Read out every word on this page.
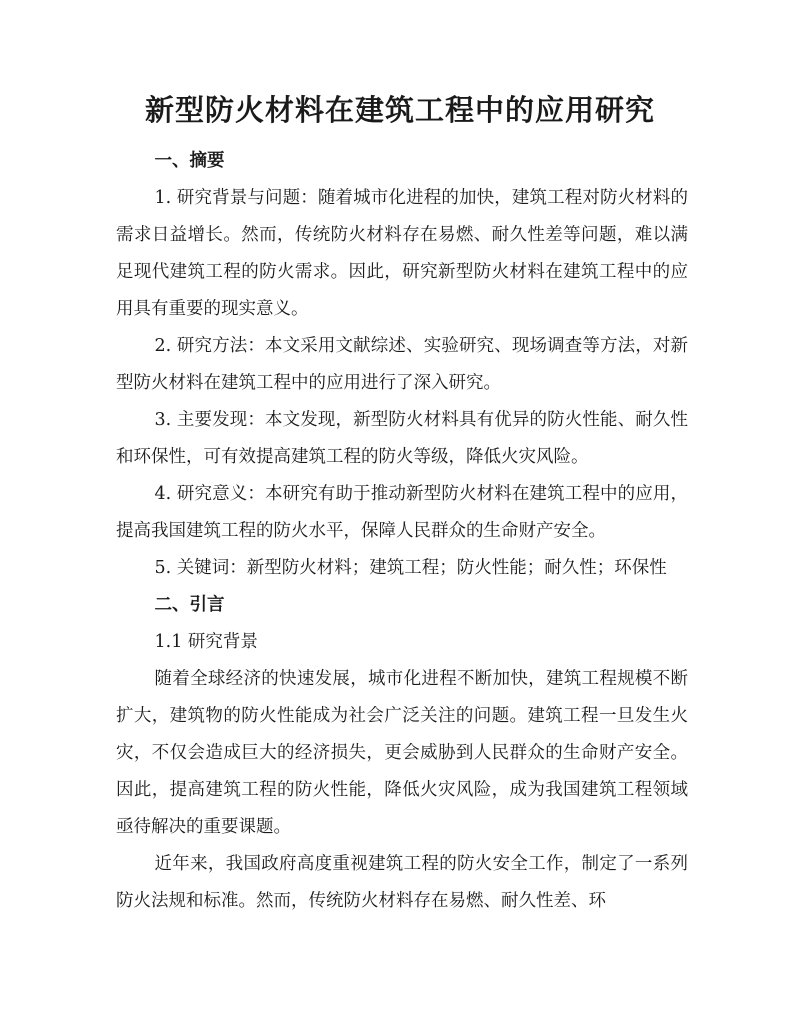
新型防火材料在建筑工程中的应用研究

一、摘要

1. 研究背景与问题：随着城市化进程的加快，建筑工程对防火材料的需求日益增长。然而，传统防火材料存在易燃、耐久性差等问题，难以满足现代建筑工程的防火需求。因此，研究新型防火材料在建筑工程中的应用具有重要的现实意义。

2. 研究方法：本文采用文献综述、实验研究、现场调查等方法，对新型防火材料在建筑工程中的应用进行了深入研究。

3. 主要发现：本文发现，新型防火材料具有优异的防火性能、耐久性和环保性，可有效提高建筑工程的防火等级，降低火灾风险。

4. 研究意义：本研究有助于推动新型防火材料在建筑工程中的应用，提高我国建筑工程的防火水平，保障人民群众的生命财产安全。

5. 关键词：新型防火材料；建筑工程；防火性能；耐久性；环保性

二、引言

1.1 研究背景

随着全球经济的快速发展，城市化进程不断加快，建筑工程规模不断扩大，建筑物的防火性能成为社会广泛关注的问题。建筑工程一旦发生火灾，不仅会造成巨大的经济损失，更会威胁到人民群众的生命财产安全。因此，提高建筑工程的防火性能，降低火灾风险，成为我国建筑工程领域亟待解决的重要课题。

近年来，我国政府高度重视建筑工程的防火安全工作，制定了一系列防火法规和标准。然而，传统防火材料存在易燃、耐久性差、环
